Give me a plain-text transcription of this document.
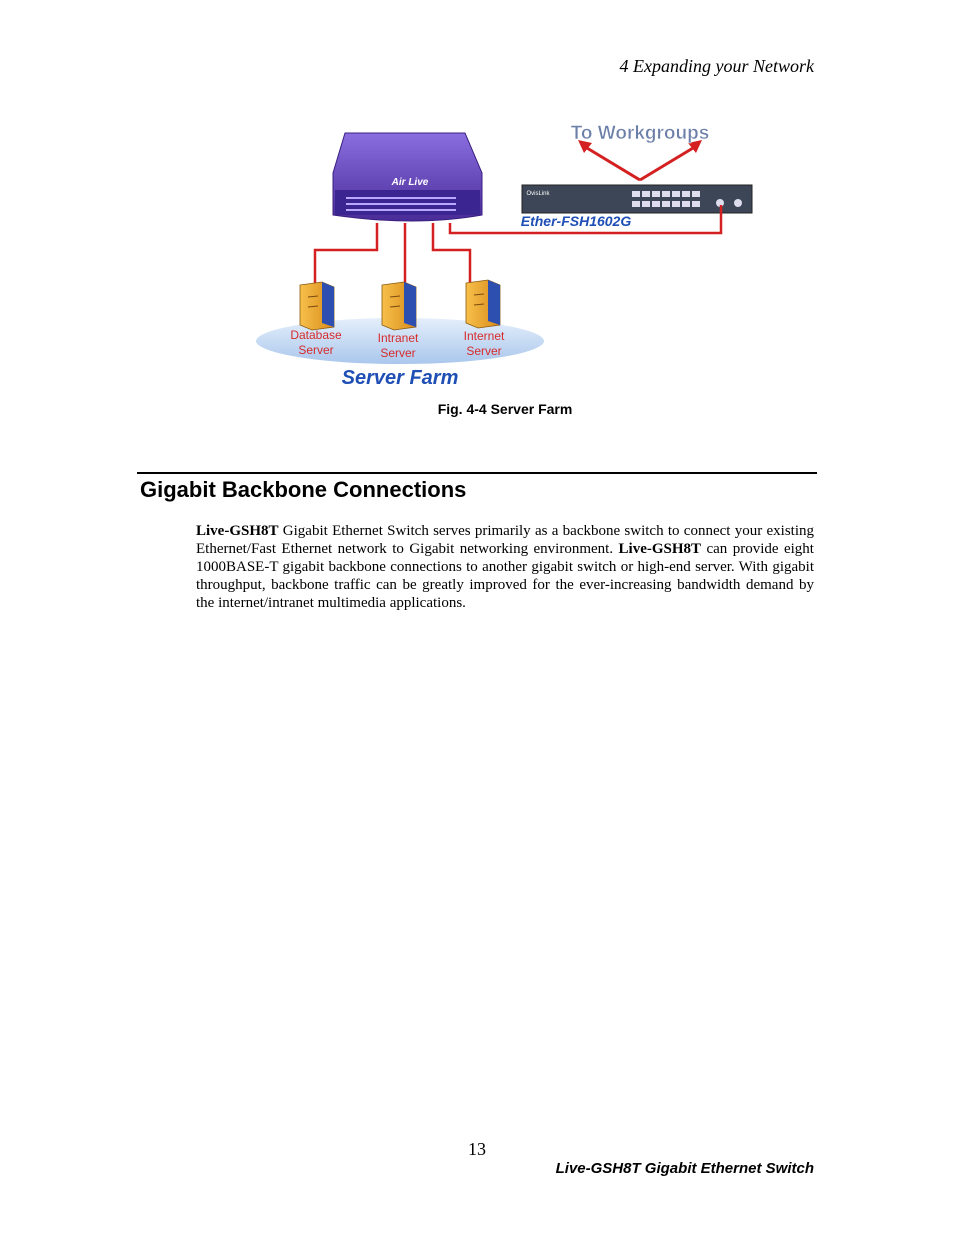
4 Expanding your Network
To Workgroups
Air Live
OvisLink
Ether-FSH1602G
Database
Server
Intranet
Server
Internet
Server
Server Farm
Fig. 4-4 Server Farm
Gigabit Backbone Connections

Live-GSH8T Gigabit Ethernet Switch serves primarily as a backbone switch to connect your existing Ethernet/Fast Ethernet network to Gigabit networking environment. Live-GSH8T can provide eight 1000BASE-T gigabit backbone connections to another gigabit switch or high-end server. With gigabit throughput, backbone traffic can be greatly improved for the ever-increasing bandwidth demand by the internet/intranet multimedia applications.

13
Live-GSH8T Gigabit Ethernet Switch
